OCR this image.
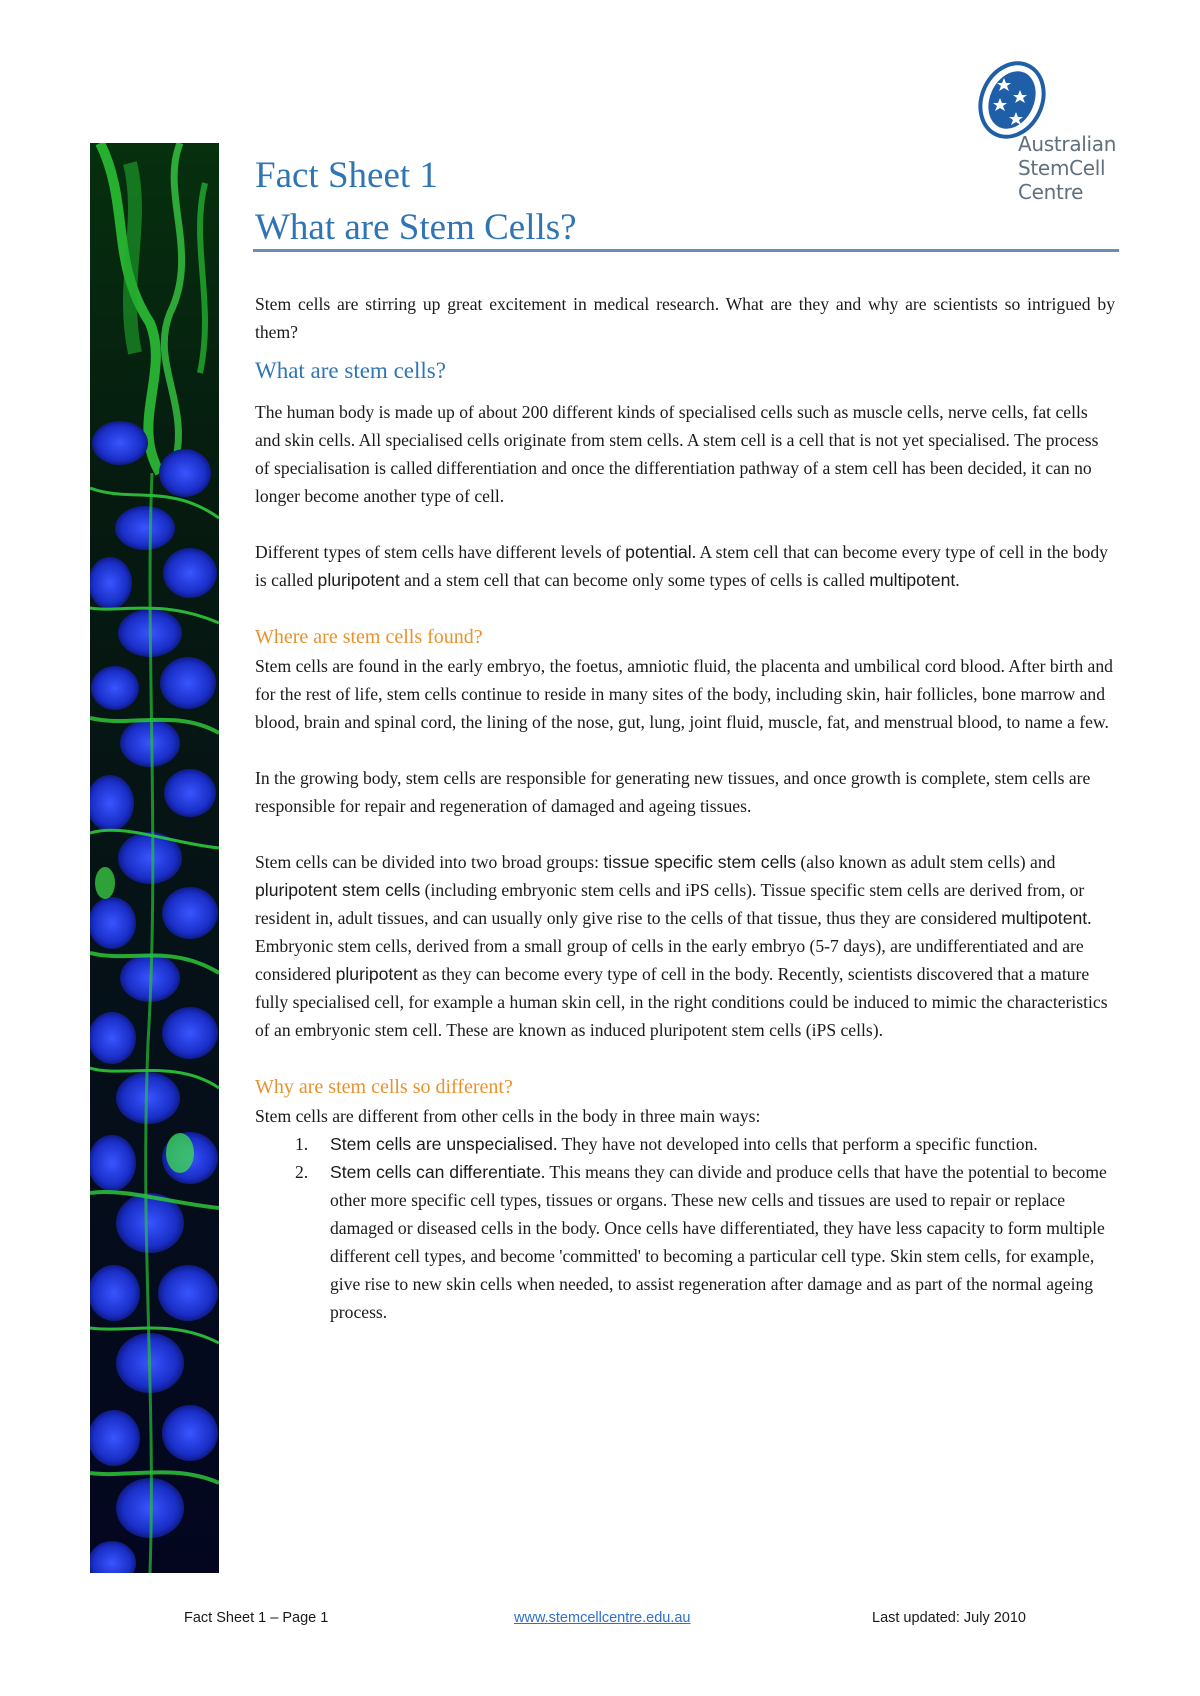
Australian
StemCell
Centre
Fact Sheet 1
What are Stem Cells?

Stem cells are stirring up great excitement in medical research. What are they and why are scientists so intrigued by them?

What are stem cells?

The human body is made up of about 200 different kinds of specialised cells such as muscle cells, nerve cells, fat cells and skin cells. All specialised cells originate from stem cells. A stem cell is a cell that is not yet specialised. The process of specialisation is called differentiation and once the differentiation pathway of a stem cell has been decided, it can no longer become another type of cell.

Different types of stem cells have different levels of potential. A stem cell that can become every type of cell in the body is called pluripotent and a stem cell that can become only some types of cells is called multipotent.

Where are stem cells found?

Stem cells are found in the early embryo, the foetus, amniotic fluid, the placenta and umbilical cord blood. After birth and for the rest of life, stem cells continue to reside in many sites of the body, including skin, hair follicles, bone marrow and blood, brain and spinal cord, the lining of the nose, gut, lung, joint fluid, muscle, fat, and menstrual blood, to name a few.

In the growing body, stem cells are responsible for generating new tissues, and once growth is complete, stem cells are responsible for repair and regeneration of damaged and ageing tissues.

Stem cells can be divided into two broad groups: tissue specific stem cells (also known as adult stem cells) and pluripotent stem cells (including embryonic stem cells and iPS cells). Tissue specific stem cells are derived from, or resident in, adult tissues, and can usually only give rise to the cells of that tissue, thus they are considered multipotent. Embryonic stem cells, derived from a small group of cells in the early embryo (5-7 days), are undifferentiated and are considered pluripotent as they can become every type of cell in the body. Recently, scientists discovered that a mature fully specialised cell, for example a human skin cell, in the right conditions could be induced to mimic the characteristics of an embryonic stem cell. These are known as induced pluripotent stem cells (iPS cells).

Why are stem cells so different?

Stem cells are different from other cells in the body in three main ways:

1. Stem cells are unspecialised. They have not developed into cells that perform a specific function.
2. Stem cells can differentiate. This means they can divide and produce cells that have the potential to become other more specific cell types, tissues or organs. These new cells and tissues are used to repair or replace damaged or diseased cells in the body. Once cells have differentiated, they have less capacity to form multiple different cell types, and become 'committed' to becoming a particular cell type. Skin stem cells, for example, give rise to new skin cells when needed, to assist regeneration after damage and as part of the normal ageing process.
Fact Sheet 1 – Page 1	www.stemcellcentre.edu.au	Last updated: July 2010
